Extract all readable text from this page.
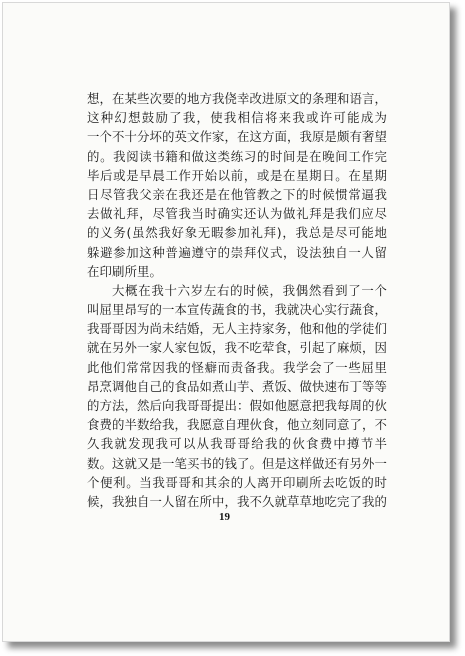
想，在某些次要的地方我侥幸改进原文的条理和语言，
这种幻想鼓励了我，使我相信将来我或许可能成为
一个不十分坏的英文作家，在这方面，我原是颇有奢望
的。我阅读书籍和做这类练习的时间是在晚间工作完
毕后或是早晨工作开始以前，或是在星期日。在星期
日尽管我父亲在我还是在他管教之下的时候惯常逼我
去做礼拜，尽管我当时确实还认为做礼拜是我们应尽
的义务(虽然我好象无暇参加礼拜)，我总是尽可能地
躲避参加这种普遍遵守的崇拜仪式，设法独自一人留
在印刷所里。
大概在我十六岁左右的时候，我偶然看到了一个
叫屈里昂写的一本宣传蔬食的书，我就决心实行蔬食，
我哥哥因为尚未结婚，无人主持家务，他和他的学徒们
就在另外一家人家包饭，我不吃荤食，引起了麻烦，因
此他们常常因我的怪癖而责备我。我学会了一些屈里
昂烹调他自己的食品如煮山芋、煮饭、做快速布丁等等
的方法，然后向我哥哥提出：假如他愿意把我每周的伙
食费的半数给我，我愿意自理伙食，他立刻同意了，不
久我就发现我可以从我哥哥给我的伙食费中撙节半
数。这就又是一笔买书的钱了。但是这样做还有另外一
个便利。当我哥哥和其余的人离开印刷所去吃饭的时
候，我独自一人留在所中，我不久就草草地吃完了我的
19
